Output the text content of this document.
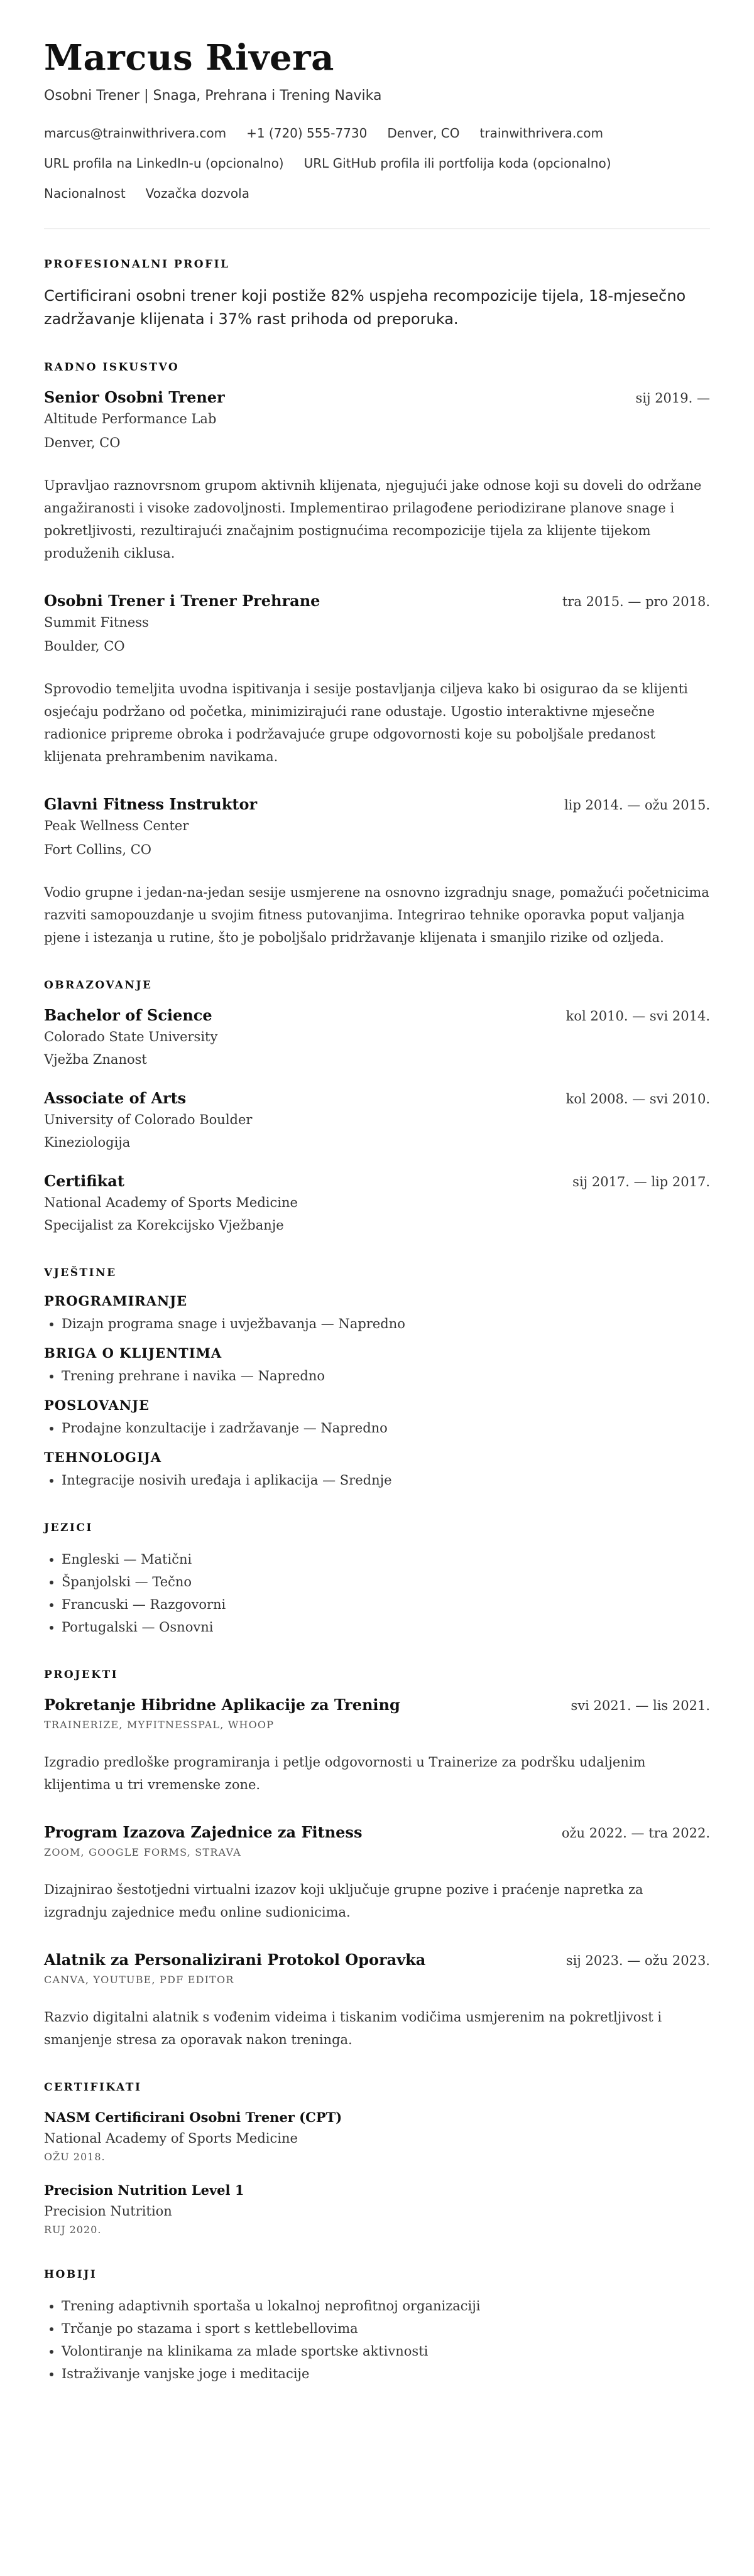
Marcus Rivera
Osobni Trener | Snaga, Prehrana i Trening Navika
marcus@trainwithrivera.com +1 (720) 555-7730 Denver, CO trainwithrivera.com
URL profila na LinkedIn-u (opcionalno) URL GitHub profila ili portfolija koda (opcionalno)
Nacionalnost Vozačka dozvola
PROFESIONALNI PROFIL
Certificirani osobni trener koji postiže 82% uspjeha recompozicije tijela, 18-mjesečno zadržavanje klijenata i 37% rast prihoda od preporuka.
RADNO ISKUSTVO
Senior Osobni Trener	sij 2019. —
Altitude Performance Lab
Denver, CO
Upravljao raznovrsnom grupom aktivnih klijenata, njegujući jake odnose koji su doveli do održane angažiranosti i visoke zadovoljnosti. Implementirao prilagođene periodizirane planove snage i pokretljivosti, rezultirajući značajnim postignućima recompozicije tijela za klijente tijekom produženih ciklusa.
Osobni Trener i Trener Prehrane	tra 2015. — pro 2018.
Summit Fitness
Boulder, CO
Sprovodio temeljita uvodna ispitivanja i sesije postavljanja ciljeva kako bi osigurao da se klijenti osjećaju podržano od početka, minimizirajući rane odustaje. Ugostio interaktivne mjesečne radionice pripreme obroka i podržavajuće grupe odgovornosti koje su poboljšale predanost klijenata prehrambenim navikama.
Glavni Fitness Instruktor	lip 2014. — ožu 2015.
Peak Wellness Center
Fort Collins, CO
Vodio grupne i jedan-na-jedan sesije usmjerene na osnovno izgradnju snage, pomažući početnicima razviti samopouzdanje u svojim fitness putovanjima. Integrirao tehnike oporavka poput valjanja pjene i istezanja u rutine, što je poboljšalo pridržavanje klijenata i smanjilo rizike od ozljeda.
OBRAZOVANJE
Bachelor of Science	kol 2010. — svi 2014.
Colorado State University
Vježba Znanost
Associate of Arts	kol 2008. — svi 2010.
University of Colorado Boulder
Kineziologija
Certifikat	sij 2017. — lip 2017.
National Academy of Sports Medicine
Specijalist za Korekcijsko Vježbanje
VJEŠTINE
PROGRAMIRANJE
• Dizajn programa snage i uvježbavanja — Napredno
BRIGA O KLIJENTIMA
• Trening prehrane i navika — Napredno
POSLOVANJE
• Prodajne konzultacije i zadržavanje — Napredno
TEHNOLOGIJA
• Integracije nosivih uređaja i aplikacija — Srednje
JEZICI
• Engleski — Matični
• Španjolski — Tečno
• Francuski — Razgovorni
• Portugalski — Osnovni
PROJEKTI
Pokretanje Hibridne Aplikacije za Trening	svi 2021. — lis 2021.
TRAINERIZE, MYFITNESSPAL, WHOOP
Izgradio predloške programiranja i petlje odgovornosti u Trainerize za podršku udaljenim klijentima u tri vremenske zone.
Program Izazova Zajednice za Fitness	ožu 2022. — tra 2022.
ZOOM, GOOGLE FORMS, STRAVA
Dizajnirao šestotjedni virtualni izazov koji uključuje grupne pozive i praćenje napretka za izgradnju zajednice među online sudionicima.
Alatnik za Personalizirani Protokol Oporavka	sij 2023. — ožu 2023.
CANVA, YOUTUBE, PDF EDITOR
Razvio digitalni alatnik s vođenim videima i tiskanim vodičima usmjerenim na pokretljivost i smanjenje stresa za oporavak nakon treninga.
CERTIFIKATI
NASM Certificirani Osobni Trener (CPT)
National Academy of Sports Medicine
OŽU 2018.
Precision Nutrition Level 1
Precision Nutrition
RUJ 2020.
HOBIJI
• Trening adaptivnih sportaša u lokalnoj neprofitnoj organizaciji
• Trčanje po stazama i sport s kettlebellovima
• Volontiranje na klinikama za mlade sportske aktivnosti
• Istraživanje vanjske joge i meditacije
